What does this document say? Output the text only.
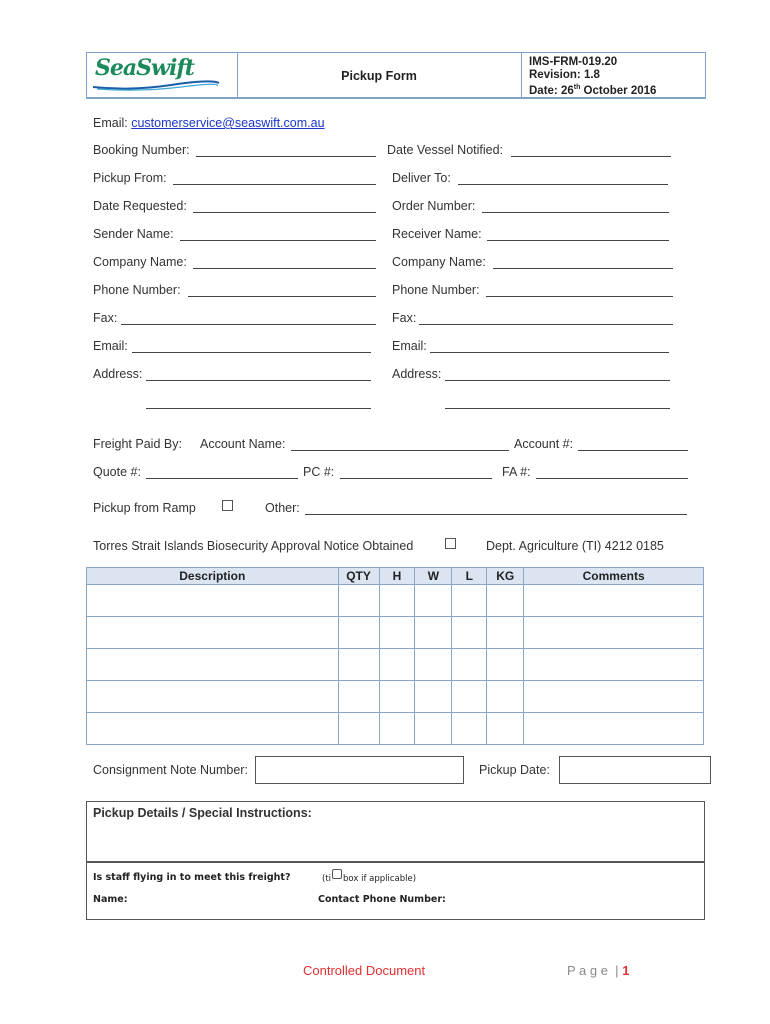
SeaSwift	Pickup Form
IMS-FRM-019.20
Revision: 1.8
Date: 26th October 2016
Email: customerservice@seaswift.com.au
Booking Number:	Date Vessel Notified:
Pickup From:	Deliver To:
Date Requested:	Order Number:
Sender Name:	Receiver Name:
Company Name:	Company Name:
Phone Number:	Phone Number:
Fax:	Fax:
Email:	Email:
Address:	Address:
Freight Paid By: Account Name:	Account #:
Quote #:	PC #:	FA #:
Pickup from Ramp	Other:
Torres Strait Islands Biosecurity Approval Notice Obtained	Dept. Agriculture (TI) 4212 0185
Description	QTY	H	W	L	KG	Comments

Consignment Note Number:	Pickup Date:
Pickup Details / Special Instructions:
Is staff flying in to meet this freight?	(ti box if applicable)
Name:	Contact Phone Number:
Controlled Document	P a g e  | 1
